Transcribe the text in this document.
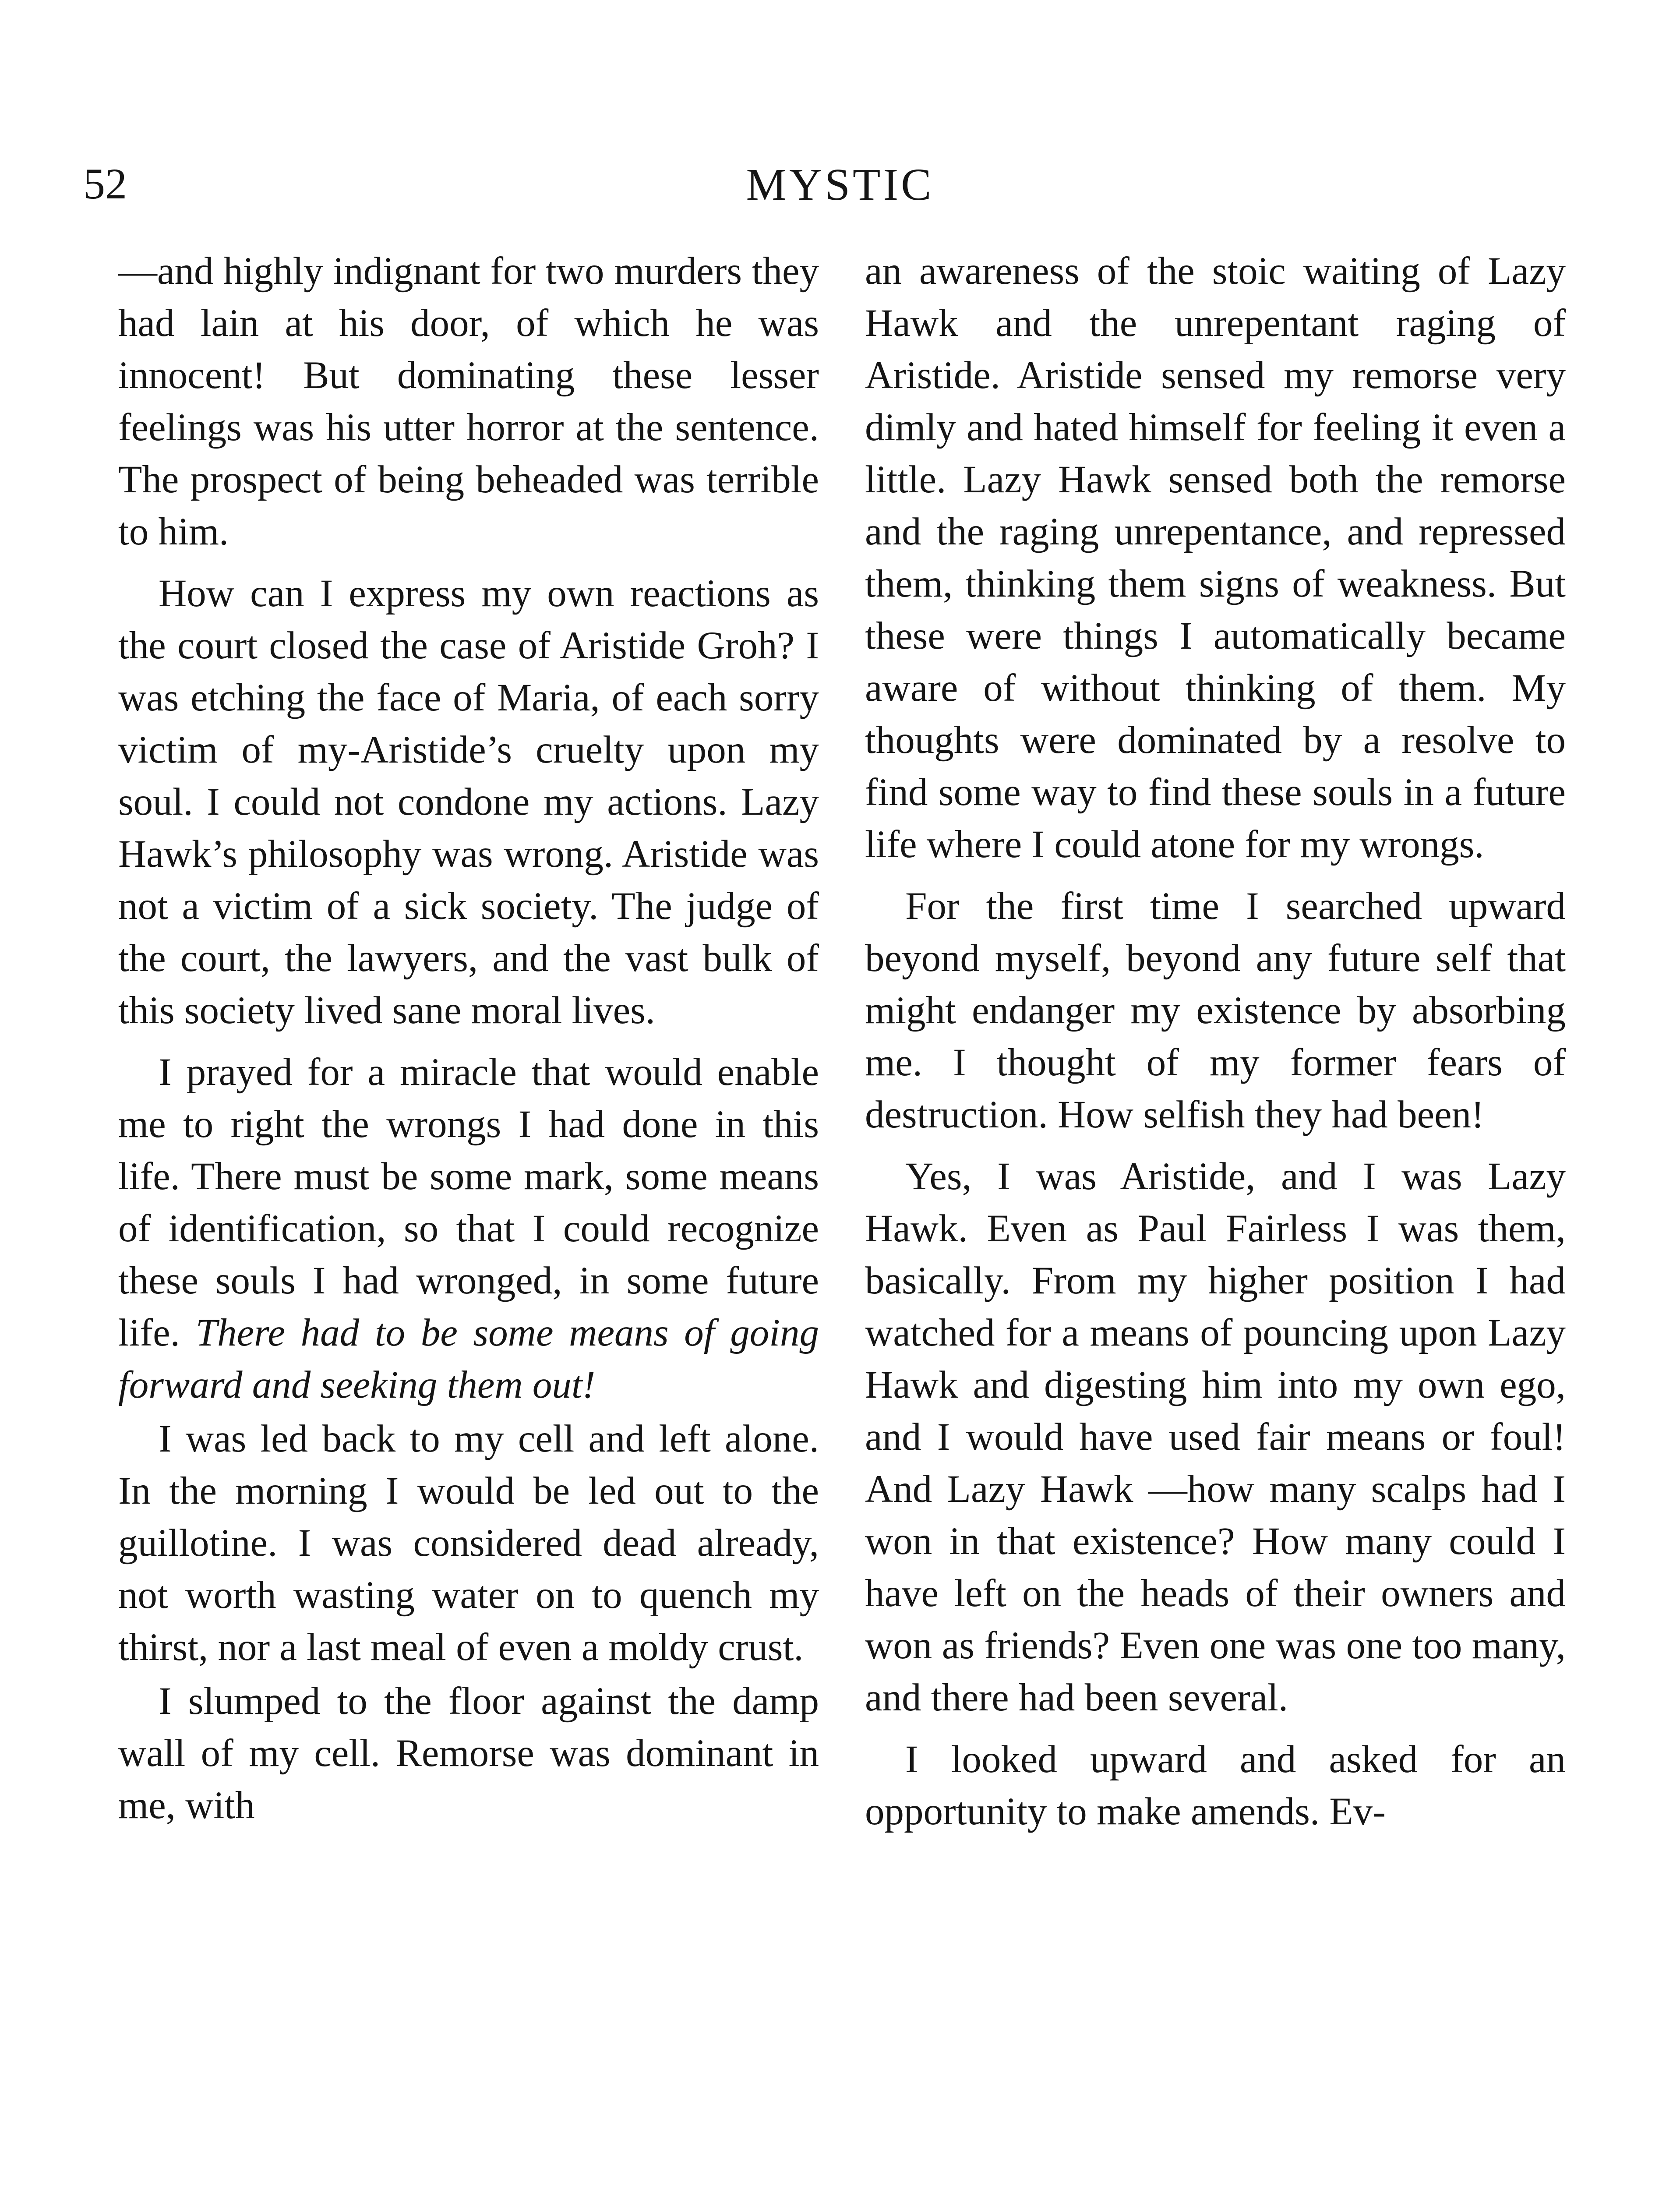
52	MYSTIC

—and highly indignant for two murders they had lain at his door, of which he was innocent! But dominating these lesser feelings was his utter horror at the sentence. The prospect of being beheaded was terrible to him.

How can I express my own reactions as the court closed the case of Aristide Groh? I was etching the face of Maria, of each sorry victim of my-Aristide’s cruelty upon my soul. I could not condone my actions. Lazy Hawk’s philosophy was wrong. Aristide was not a victim of a sick society. The judge of the court, the lawyers, and the vast bulk of this society lived sane moral lives.

I prayed for a miracle that would enable me to right the wrongs I had done in this life. There must be some mark, some means of identification, so that I could recognize these souls I had wronged, in some future life. There had to be some means of going forward and seeking them out!

I was led back to my cell and left alone. In the morning I would be led out to the guillotine. I was considered dead already, not worth wasting water on to quench my thirst, nor a last meal of even a moldy crust.

I slumped to the floor against the damp wall of my cell. Remorse was dominant in me, with

an awareness of the stoic waiting of Lazy Hawk and the unrepentant raging of Aristide. Aristide sensed my remorse very dimly and hated himself for feeling it even a little. Lazy Hawk sensed both the remorse and the raging unrepentance, and repressed them, thinking them signs of weakness. But these were things I automatically became aware of without thinking of them. My thoughts were dominated by a resolve to find some way to find these souls in a future life where I could atone for my wrongs.

For the first time I searched upward beyond myself, beyond any future self that might endanger my existence by absorbing me. I thought of my former fears of destruction. How selfish they had been!

Yes, I was Aristide, and I was Lazy Hawk. Even as Paul Fairless I was them, basically. From my higher position I had watched for a means of pouncing upon Lazy Hawk and digesting him into my own ego, and I would have used fair means or foul! And Lazy Hawk —how many scalps had I won in that existence? How many could I have left on the heads of their owners and won as friends? Even one was one too many, and there had been several.

I looked upward and asked for an opportunity to make amends. Ev-
